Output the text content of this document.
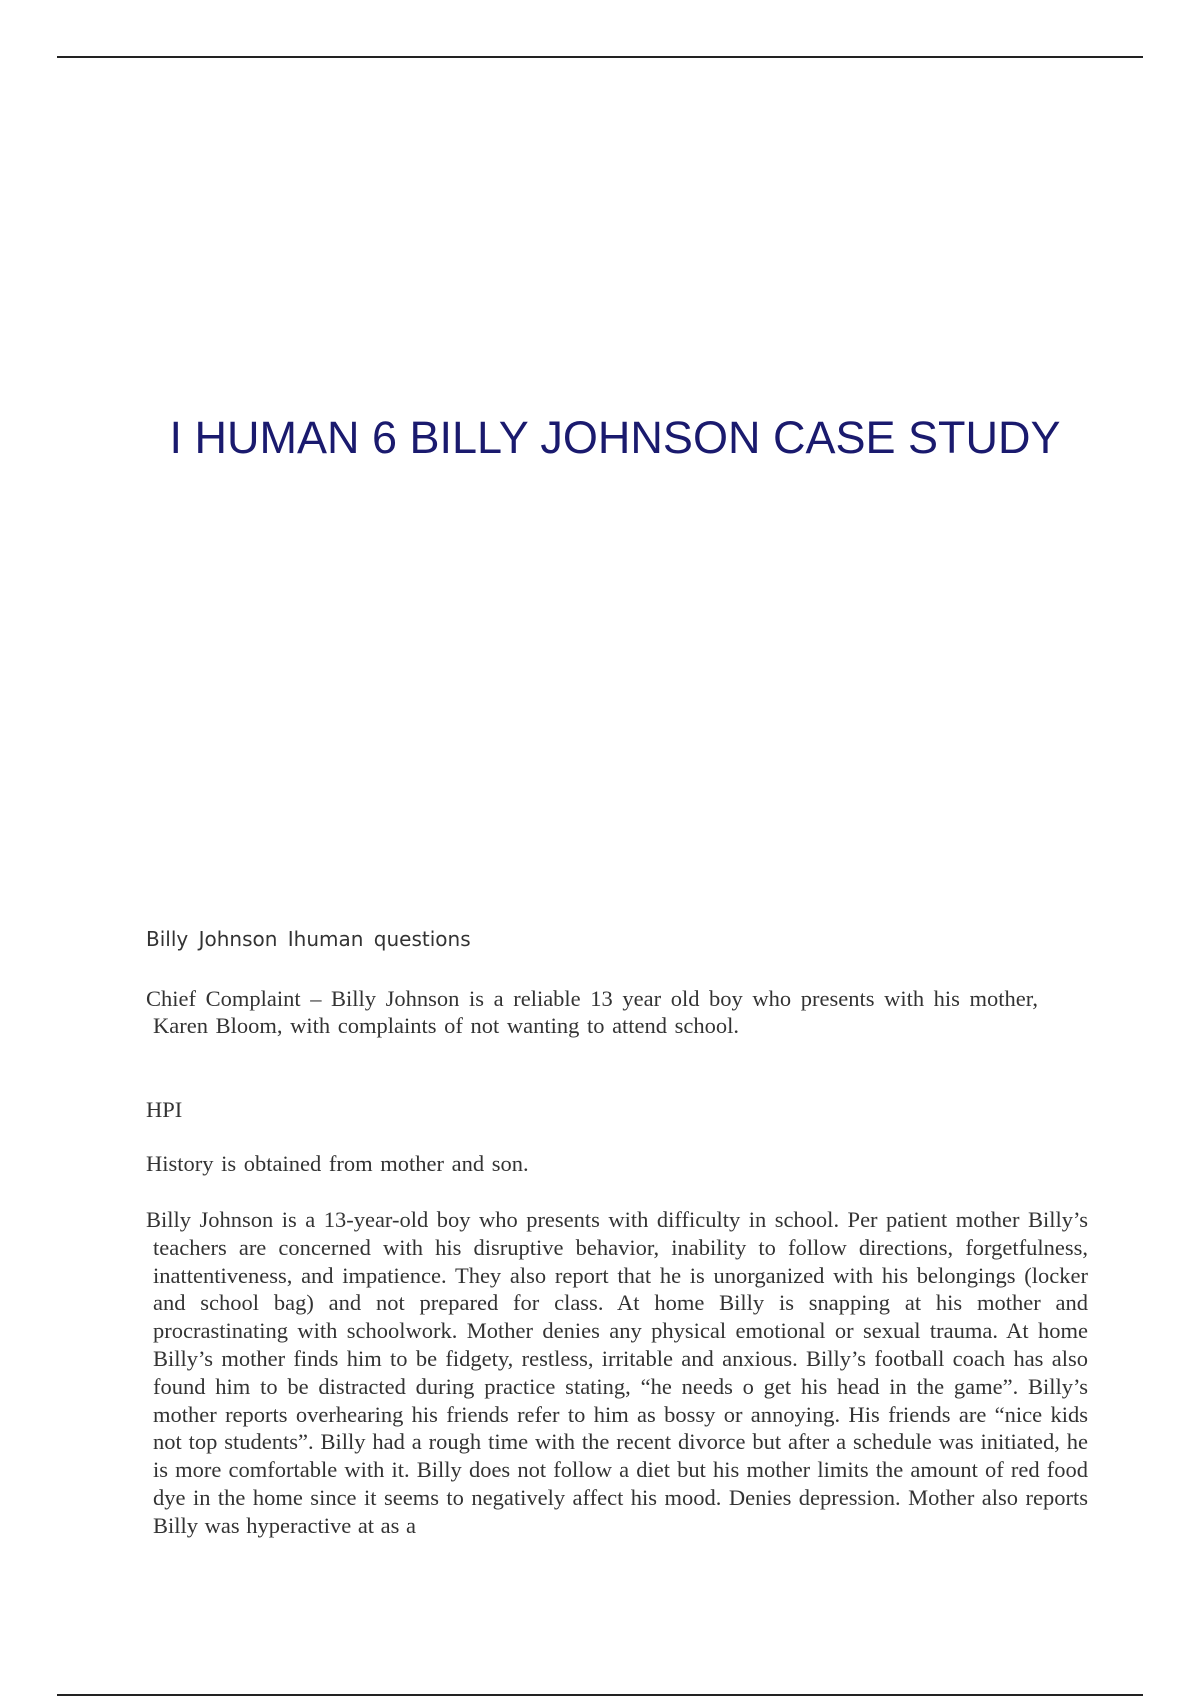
I HUMAN 6 BILLY JOHNSON CASE STUDY

Billy Johnson Ihuman questions

Chief Complaint – Billy Johnson is a reliable 13 year old boy who presents with his mother, Karen Bloom, with complaints of not wanting to attend school.

HPI

History is obtained from mother and son.

Billy Johnson is a 13-year-old boy who presents with difficulty in school. Per patient mother Billy’s teachers are concerned with his disruptive behavior, inability to follow directions, forgetfulness, inattentiveness, and impatience. They also report that he is unorganized with his belongings (locker and school bag) and not prepared for class. At home Billy is snapping at his mother and procrastinating with schoolwork. Mother denies any physical emotional or sexual trauma. At home Billy’s mother finds him to be fidgety, restless, irritable and anxious. Billy’s football coach has also found him to be distracted during practice stating, “he needs o get his head in the game”. Billy’s mother reports overhearing his friends refer to him as bossy or annoying. His friends are “nice kids not top students”. Billy had a rough time with the recent divorce but after a schedule was initiated, he is more comfortable with it. Billy does not follow a diet but his mother limits the amount of red food dye in the home since it seems to negatively affect his mood. Denies depression. Mother also reports Billy was hyperactive at as a
